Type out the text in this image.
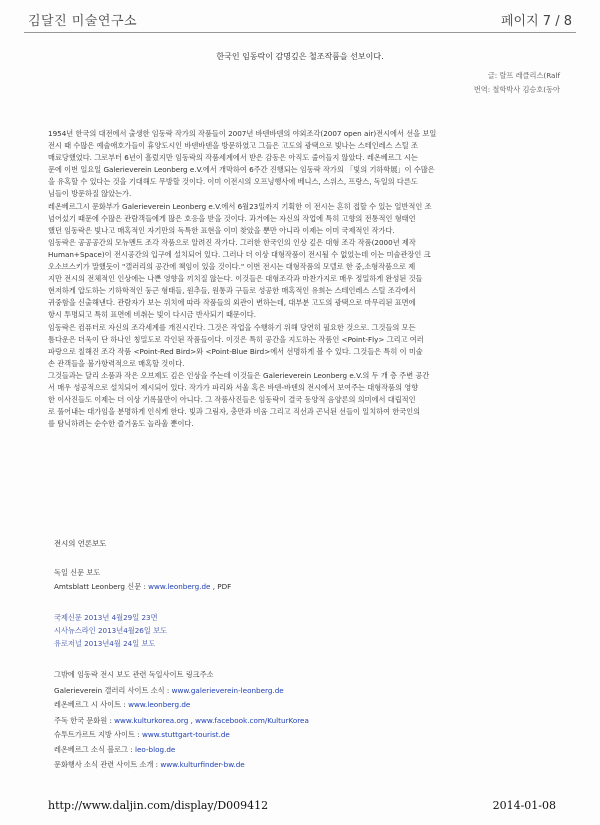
김달진 미술연구소	페이지 7 / 8
한국인 임동락이 감명깊은 철조작품을 선보이다.
글: 랄프 레클리스(Ralf
번역: 철학박사 김승호(동아

1954년 한국의 대전에서 출생한 임동락 작가의 작품들이 2007년 바덴바덴의 야외조각(2007 open air)전시에서 선을 보일

전시 때 수많은 예술애호가들이 휴양도시인 바덴바덴을 방문하였고 그들은 고도의 광택으로 빛나는 스테인레스 스틸 조

매료당했었다. 그로부터 6년이 흘렀지만 임동락의 작품세계에서 받은 감동은 아직도 줄어들지 않았다. 레온베르그 시는

문에 이번 일요일 Galerieverein Leonberg e.V.에서 개막하여 6주간 진행되는 임동락 작가의 「빛의 기하학展」이 수많은

을 유혹할 수 있다는 것을 기대해도 무방할 것이다. 이미 이전시의 오프닝행사에 베니스, 스위스, 프랑스, 독일의 다른도

님들이 방문하질 않았는가.

레온베르그시 문화부가 Galerieverein Leonberg e.V.에서 6월23일까지 기획한 이 전시는 흔히 접할 수 있는 일반적인 조

넘어섰기 때문에 수많은 관람객들에게 많은 호응을 받을 것이다. 과거에는 자신의 작업에 특히 고향의 전통적인 형태언

했던 임동락은 빛나고 매혹적인 자기만의 독특한 표현을 이미 찾았을 뿐만 아니라 이제는 이미 국제적인 작가다.

임동락은 공공공간의 모뉴멘트 조각 작품으로 알려진 작가다. 그러한 한국인의 인상 깊은 대형 조각 작품(2000년 제작

Human+Space)이 전시공간의 입구에 설치되어 있다. 그러나 더 이상 대형작품이 전시될 수 없었는데 이는 미술관장인 크

오소브스키가 말했듯이 "갤러리의 공간에 책임이 있을 것이다." 이번 전시는 대형작품의 모델로 한 중,소형작품으로 제

지만 전시의 전체적인 인상에는 나쁜 영향을 끼치질 않는다. 이것들은 대형조각과 마찬가지로 매우 정밀하게 완성된 것들

현저하게 압도하는 기하학적인 둥근 형태들, 원추들, 원통과 구들로 성공한 매혹적인 유희는 스테인레스 스틸 조각에서

귀중함을 신출해낸다. 관람자가 보는 위치에 따라 작품들의 외관이 변하는데, 대부분 고도의 광택으로 마무리된 표면에

항시 투명되고 특히 표면에 비취는 빛이 다시금 반사되기 때문이다.

임동락은 컴퓨터로 자신의 조각세계를 개진시킨다. 그것은 작업을 수행하기 위해 당연히 필요한 것으로. 그것들의 모든

틈다운은 더욱이 단 하나인 칭밀도로 각인된 작품들이다. 이것은 특히 공간을 지도하는 작품인 <Point-Fly> 그리고 여러

파랑으로 칠해진 조각 작품 <Point-Red Bird>와 <Point-Blue Bird>에서 선명하게 볼 수 있다. 그것들은 특히 이 미술

손 관객들을 불가항력적으로 매혹할 것이다.

그것들과는 달리 소품과 작은 오브제도 깊은 인상을 주는데 이것들은 Galerieverein Leonberg e.V.의 두 개 층 주변 공간

서 매우 성공적으로 설치되어 제시되어 있다. 작가가 파리와 서울 혹은 바덴-바덴의 전시에서 보여주는 대형작품의 영향

한 이사진들도 이제는 더 이상 기록물만이 아니다. 그 작품사진들은 임동락이 결국 동양적 음양론의 의미에서 대립적인

로 풀어내는 대가임을 분명하게 인식케 한다. 빛과 그림자, 충만과 비움 그리고 직선과 곤닉된 선들이 일치하여 한국인의

를 탐닉하려는 순수한 즐거움도 놀라울 뿐이다.

전시의 언론보도
독일 신문 보도
Amtsblatt Leonberg 신문 : www.leonberg.de , PDF
국제신문 2013년 4월29일 23면
시사뉴스라인 2013년4월26일 보도
유로저널 2013년4월 24일 보도
그밖에 임동락 전시 보도 관련 독일사이트 링크주소
Galerieverein 갤러리 사이트 소식 : www.galerieverein-leonberg.de
레온베르그 시 사이트 : www.leonberg.de
주독 한국 문화원 : www.kulturkorea.org , www.facebook.com/KulturKorea
슈투트가르트 지방 사이트 : www.stuttgart-tourist.de
레온베르그 소식 블로그 : leo-blog.de
문화행사 소식 관련 사이트 소개 : www.kulturfinder-bw.de
http://www.daljin.com/display/D009412	2014-01-08
